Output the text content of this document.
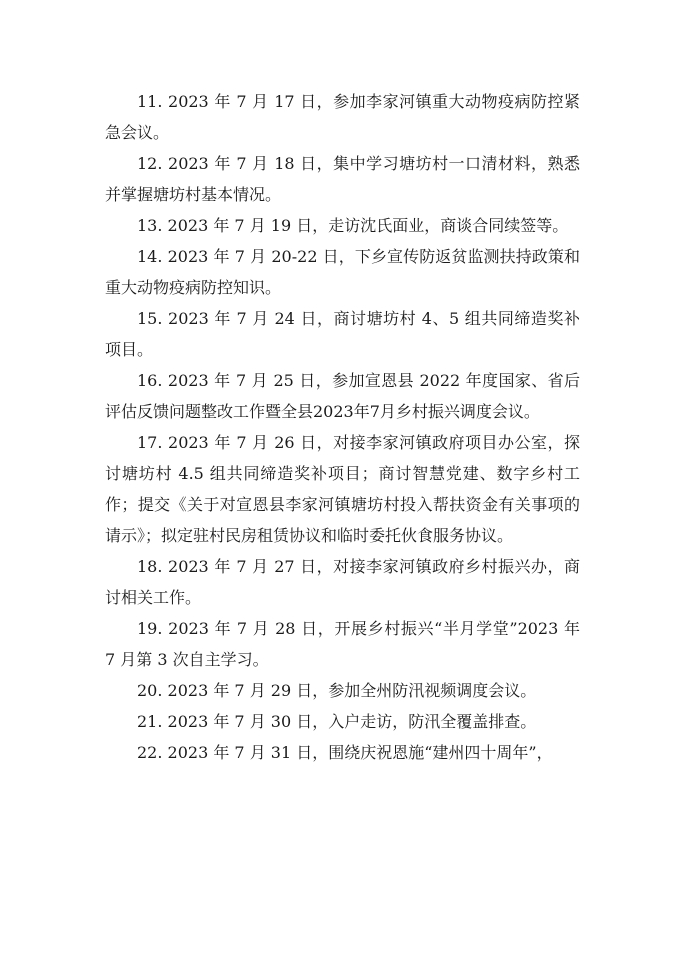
11. 2023 年 7 月 17 日，参加李家河镇重大动物疫病防控紧急会议。

12. 2023 年 7 月 18 日，集中学习塘坊村一口清材料，熟悉并掌握塘坊村基本情况。

13. 2023 年 7 月 19 日，走访沈氏面业，商谈合同续签等。

14. 2023 年 7 月 20-22 日，下乡宣传防返贫监测扶持政策和重大动物疫病防控知识。

15. 2023 年 7 月 24 日，商讨塘坊村 4、5 组共同缔造奖补项目。

16. 2023 年 7 月 25 日，参加宣恩县 2022 年度国家、省后评估反馈问题整改工作暨全县2023年7月乡村振兴调度会议。

17. 2023 年 7 月 26 日，对接李家河镇政府项目办公室，探讨塘坊村 4.5 组共同缔造奖补项目；商讨智慧党建、数字乡村工作；提交《关于对宣恩县李家河镇塘坊村投入帮扶资金有关事项的请示》；拟定驻村民房租赁协议和临时委托伙食服务协议。

18. 2023 年 7 月 27 日，对接李家河镇政府乡村振兴办，商讨相关工作。

19. 2023 年 7 月 28 日，开展乡村振兴“半月学堂”2023 年 7 月第 3 次自主学习。

20. 2023 年 7 月 29 日，参加全州防汛视频调度会议。

21. 2023 年 7 月 30 日，入户走访，防汛全覆盖排查。

22. 2023 年 7 月 31 日，围绕庆祝恩施“建州四十周年”，
